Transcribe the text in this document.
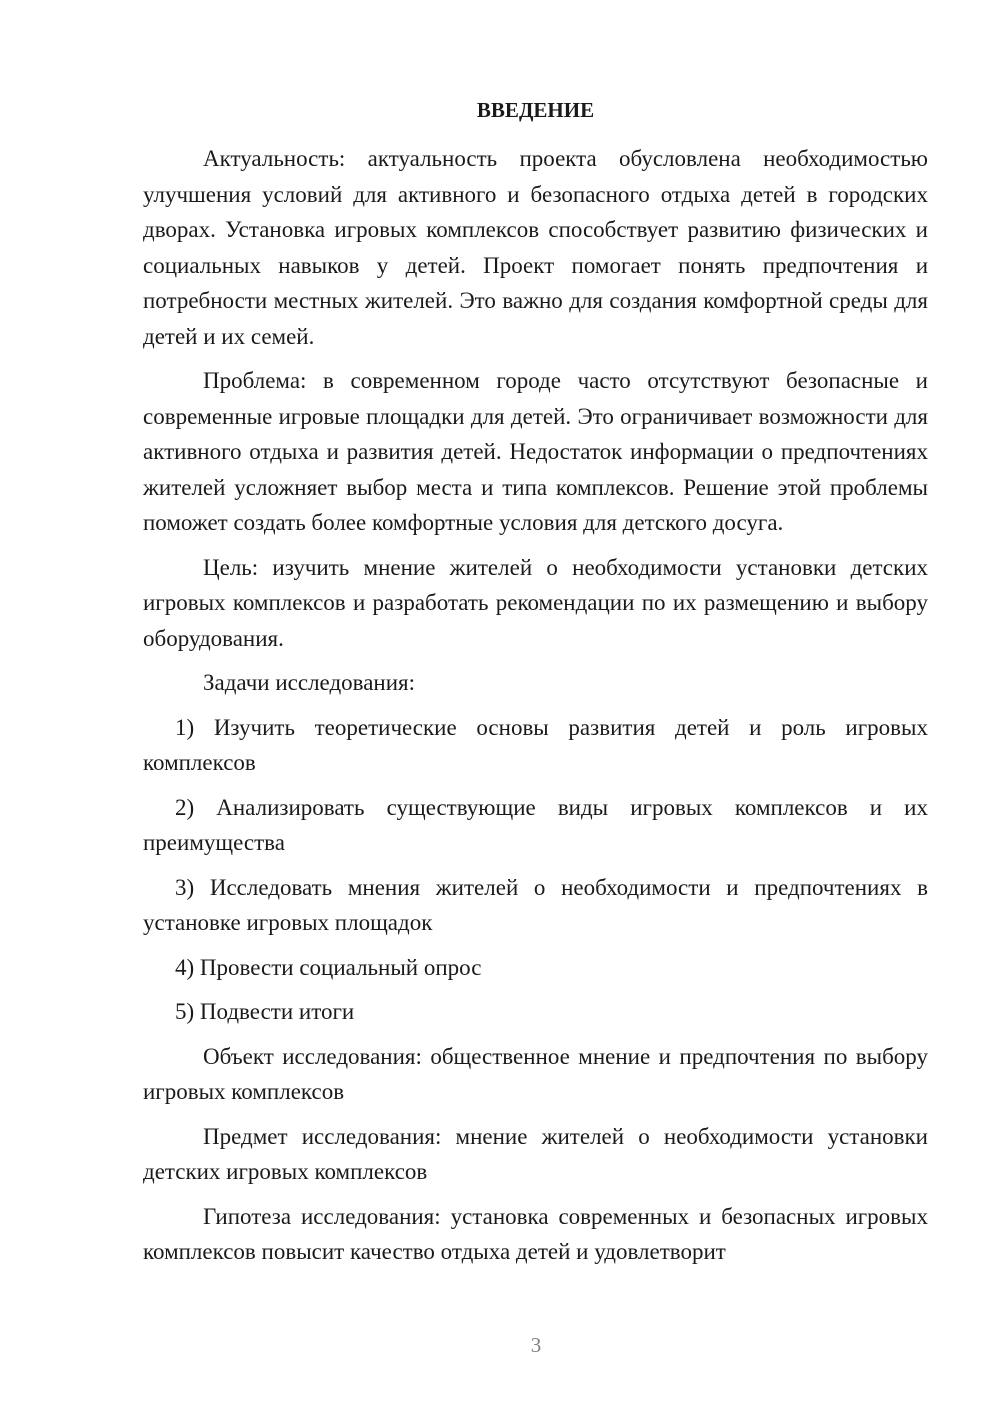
ВВЕДЕНИЕ

Актуальность: актуальность проекта обусловлена необходимостью улучшения условий для активного и безопасного отдыха детей в городских дворах. Установка игровых комплексов способствует развитию физических и социальных навыков у детей. Проект помогает понять предпочтения и потребности местных жителей. Это важно для создания комфортной среды для детей и их семей.

Проблема: в современном городе часто отсутствуют безопасные и современные игровые площадки для детей. Это ограничивает возможности для активного отдыха и развития детей. Недостаток информации о предпочтениях жителей усложняет выбор места и типа комплексов. Решение этой проблемы поможет создать более комфортные условия для детского досуга.

Цель: изучить мнение жителей о необходимости установки детских игровых комплексов и разработать рекомендации по их размещению и выбору оборудования.

Задачи исследования:

1) Изучить теоретические основы развития детей и роль игровых комплексов

2) Анализировать существующие виды игровых комплексов и их преимущества

3) Исследовать мнения жителей о необходимости и предпочтениях в установке игровых площадок

4) Провести социальный опрос

5) Подвести итоги

Объект исследования: общественное мнение и предпочтения по выбору игровых комплексов

Предмет исследования: мнение жителей о необходимости установки детских игровых комплексов

Гипотеза исследования: установка современных и безопасных игровых комплексов повысит качество отдыха детей и удовлетворит

3
